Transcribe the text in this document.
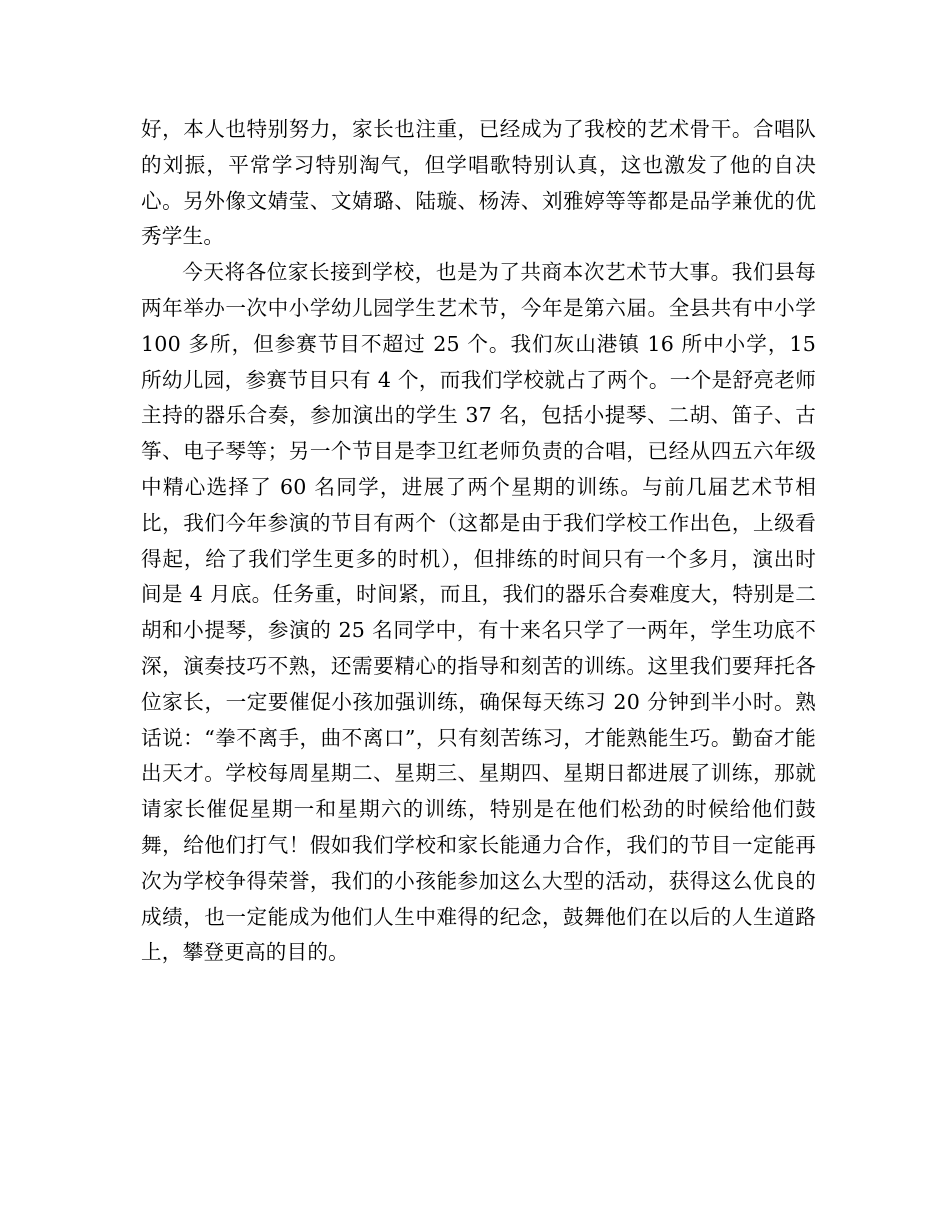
好，本人也特别努力，家长也注重，已经成为了我校的艺术骨干。合唱队的刘振，平常学习特别淘气，但学唱歌特别认真，这也激发了他的自决心。另外像文婧莹、文婧璐、陆璇、杨涛、刘雅婷等等都是品学兼优的优秀学生。

今天将各位家长接到学校，也是为了共商本次艺术节大事。我们县每两年举办一次中小学幼儿园学生艺术节，今年是第六届。全县共有中小学 100 多所，但参赛节目不超过 25 个。我们灰山港镇 16 所中小学，15 所幼儿园，参赛节目只有 4 个，而我们学校就占了两个。一个是舒亮老师主持的器乐合奏，参加演出的学生 37 名，包括小提琴、二胡、笛子、古筝、电子琴等；另一个节目是李卫红老师负责的合唱，已经从四五六年级中精心选择了 60 名同学，进展了两个星期的训练。与前几届艺术节相比，我们今年参演的节目有两个（这都是由于我们学校工作出色，上级看得起，给了我们学生更多的时机），但排练的时间只有一个多月，演出时间是 4 月底。任务重，时间紧，而且，我们的器乐合奏难度大，特别是二胡和小提琴，参演的 25 名同学中，有十来名只学了一两年，学生功底不深，演奏技巧不熟，还需要精心的指导和刻苦的训练。这里我们要拜托各位家长，一定要催促小孩加强训练，确保每天练习 20 分钟到半小时。熟话说：“拳不离手，曲不离口”，只有刻苦练习，才能熟能生巧。勤奋才能出天才。学校每周星期二、星期三、星期四、星期日都进展了训练，那就请家长催促星期一和星期六的训练，特别是在他们松劲的时候给他们鼓舞，给他们打气！假如我们学校和家长能通力合作，我们的节目一定能再次为学校争得荣誉，我们的小孩能参加这么大型的活动，获得这么优良的成绩，也一定能成为他们人生中难得的纪念，鼓舞他们在以后的人生道路上，攀登更高的目的。
